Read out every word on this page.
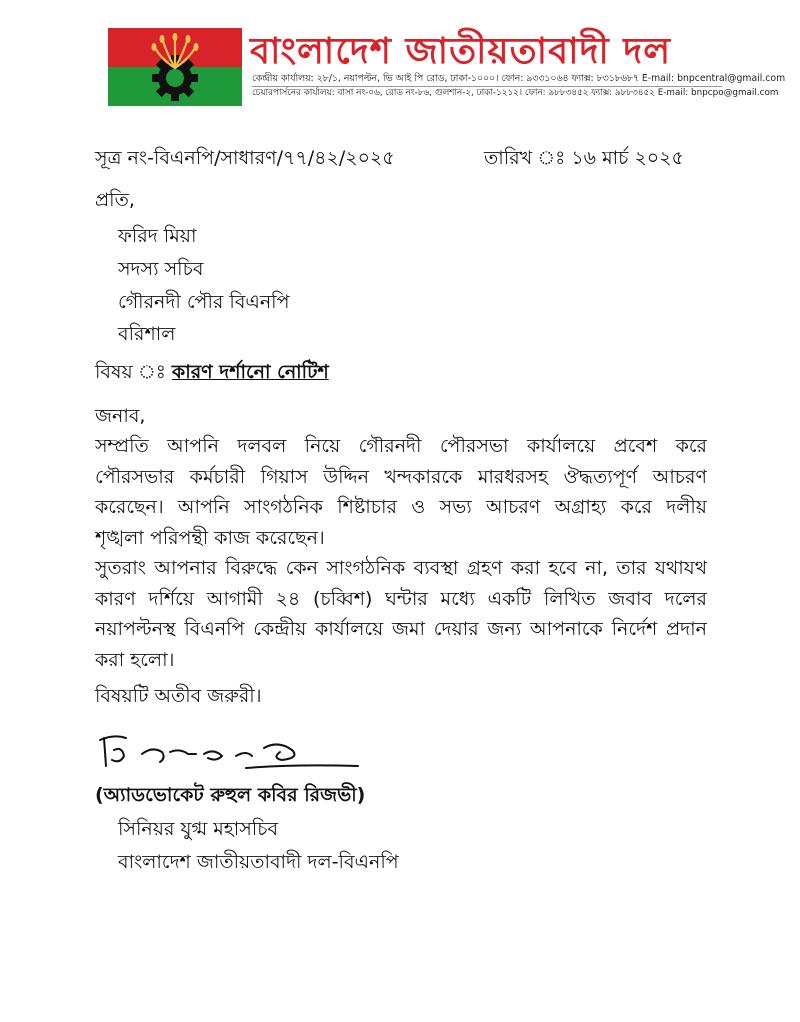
বাংলাদেশ জাতীয়তাবাদী দল
কেন্দ্রীয় কার্যালয়: ২৮/১, নয়াপল্টন, ভি আই পি রোড, ঢাকা-১০০০। ফোন: ৯৩৩১০৬৪ ফ্যাক্স: ৮৩১৮৬৮৭ E-mail: bnpcentral@gmail.com
চেয়ারপার্সনের কার্যালয়: বাসা নং-০৬, রোড নং-৮৬, গুলশান-২, ঢাকা-১২১২। ফোন: ৯৮৮৩৪৫২ ফ্যাক্স: ৯৮৮৩৪৫২ E-mail: bnpcpo@gmail.com
সূত্র নং-বিএনপি/সাধারণ/৭৭/৪২/২০২৫	তারিখ ঃ ১৬ মার্চ ২০২৫
প্রতি,
ফরিদ মিয়া
সদস্য সচিব
গৌরনদী পৌর বিএনপি
বরিশাল
বিষয় ঃ কারণ দর্শানো নোটিশ
জনাব,
সম্প্রতি আপনি দলবল নিয়ে গৌরনদী পৌরসভা কার্যালয়ে প্রবেশ করে
পৌরসভার কর্মচারী গিয়াস উদ্দিন খন্দকারকে মারধরসহ ঔদ্ধত্যপূর্ণ আচরণ
করেছেন। আপনি সাংগঠনিক শিষ্টাচার ও সভ্য আচরণ অগ্রাহ্য করে দলীয়
শৃঙ্খলা পরিপন্থী কাজ করেছেন।
সুতরাং আপনার বিরুদ্ধে কেন সাংগঠনিক ব্যবস্থা গ্রহণ করা হবে না, তার যথাযথ
কারণ দর্শিয়ে আগামী ২৪ (চব্বিশ) ঘন্টার মধ্যে একটি লিখিত জবাব দলের
নয়াপল্টনস্থ বিএনপি কেন্দ্রীয় কার্যালয়ে জমা দেয়ার জন্য আপনাকে নির্দেশ প্রদান
করা হলো।
বিষয়টি অতীব জরুরী।
(অ্যাডভোকেট রুহুল কবির রিজভী)
সিনিয়র যুগ্ম মহাসচিব
বাংলাদেশ জাতীয়তাবাদী দল-বিএনপি
